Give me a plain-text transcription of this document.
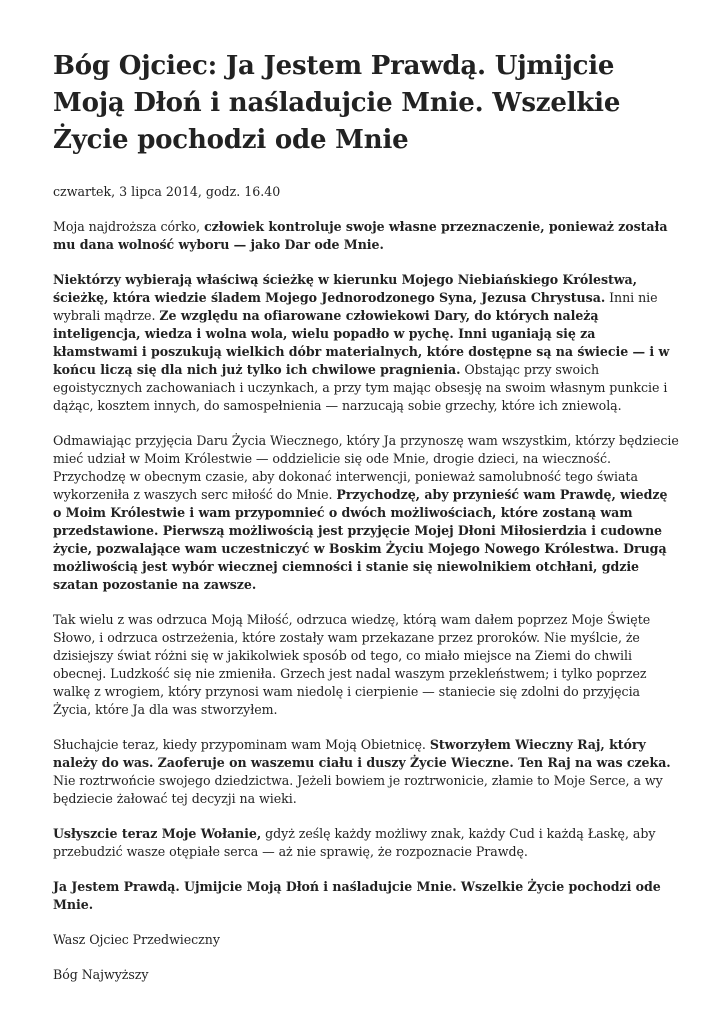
Bóg Ojciec: Ja Jestem Prawdą. Ujmijcie Moją Dłoń i naśladujcie Mnie. Wszelkie Życie pochodzi ode Mnie
czwartek, 3 lipca 2014, godz. 16.40

Moja najdroższa córko, człowiek kontroluje swoje własne przeznaczenie, ponieważ została mu dana wolność wyboru — jako Dar ode Mnie.

Niektórzy wybierają właściwą ścieżkę w kierunku Mojego Niebiańskiego Królestwa, ścieżkę, która wiedzie śladem Mojego Jednorodzonego Syna, Jezusa Chrystusa. Inni nie wybrali mądrze. Ze względu na ofiarowane człowiekowi Dary, do których należą inteligencja, wiedza i wolna wola, wielu popadło w pychę. Inni uganiają się za kłamstwami i poszukują wielkich dóbr materialnych, które dostępne są na świecie — i w końcu liczą się dla nich już tylko ich chwilowe pragnienia. Obstając przy swoich egoistycznych zachowaniach i uczynkach, a przy tym mając obsesję na swoim własnym punkcie i dążąc, kosztem innych, do samospełnienia — narzucają sobie grzechy, które ich zniewolą.

Odmawiając przyjęcia Daru Życia Wiecznego, który Ja przynoszę wam wszystkim, którzy będziecie mieć udział w Moim Królestwie — oddzielicie się ode Mnie, drogie dzieci, na wieczność. Przychodzę w obecnym czasie, aby dokonać interwencji, ponieważ samolubność tego świata wykorzeniła z waszych serc miłość do Mnie. Przychodzę, aby przynieść wam Prawdę, wiedzę o Moim Królestwie i wam przypomnieć o dwóch możliwościach, które zostaną wam przedstawione. Pierwszą możliwością jest przyjęcie Mojej Dłoni Miłosierdzia i cudowne życie, pozwalające wam uczestniczyć w Boskim Życiu Mojego Nowego Królestwa. Drugą możliwością jest wybór wiecznej ciemności i stanie się niewolnikiem otchłani, gdzie szatan pozostanie na zawsze.

Tak wielu z was odrzuca Moją Miłość, odrzuca wiedzę, którą wam dałem poprzez Moje Święte Słowo, i odrzuca ostrzeżenia, które zostały wam przekazane przez proroków. Nie myślcie, że dzisiejszy świat różni się w jakikolwiek sposób od tego, co miało miejsce na Ziemi do chwili obecnej. Ludzkość się nie zmieniła. Grzech jest nadal waszym przekleństwem; i tylko poprzez walkę z wrogiem, który przynosi wam niedolę i cierpienie — staniecie się zdolni do przyjęcia Życia, które Ja dla was stworzyłem.

Słuchajcie teraz, kiedy przypominam wam Moją Obietnicę. Stworzyłem Wieczny Raj, który należy do was. Zaoferuje on waszemu ciału i duszy Życie Wieczne. Ten Raj na was czeka. Nie roztrwońcie swojego dziedzictwa. Jeżeli bowiem je roztrwonicie, złamie to Moje Serce, a wy będziecie żałować tej decyzji na wieki.

Usłyszcie teraz Moje Wołanie, gdyż ześlę każdy możliwy znak, każdy Cud i każdą Łaskę, aby przebudzić wasze otępiałe serca — aż nie sprawię, że rozpoznacie Prawdę.

Ja Jestem Prawdą. Ujmijcie Moją Dłoń i naśladujcie Mnie. Wszelkie Życie pochodzi ode Mnie.

Wasz Ojciec Przedwieczny

Bóg Najwyższy
